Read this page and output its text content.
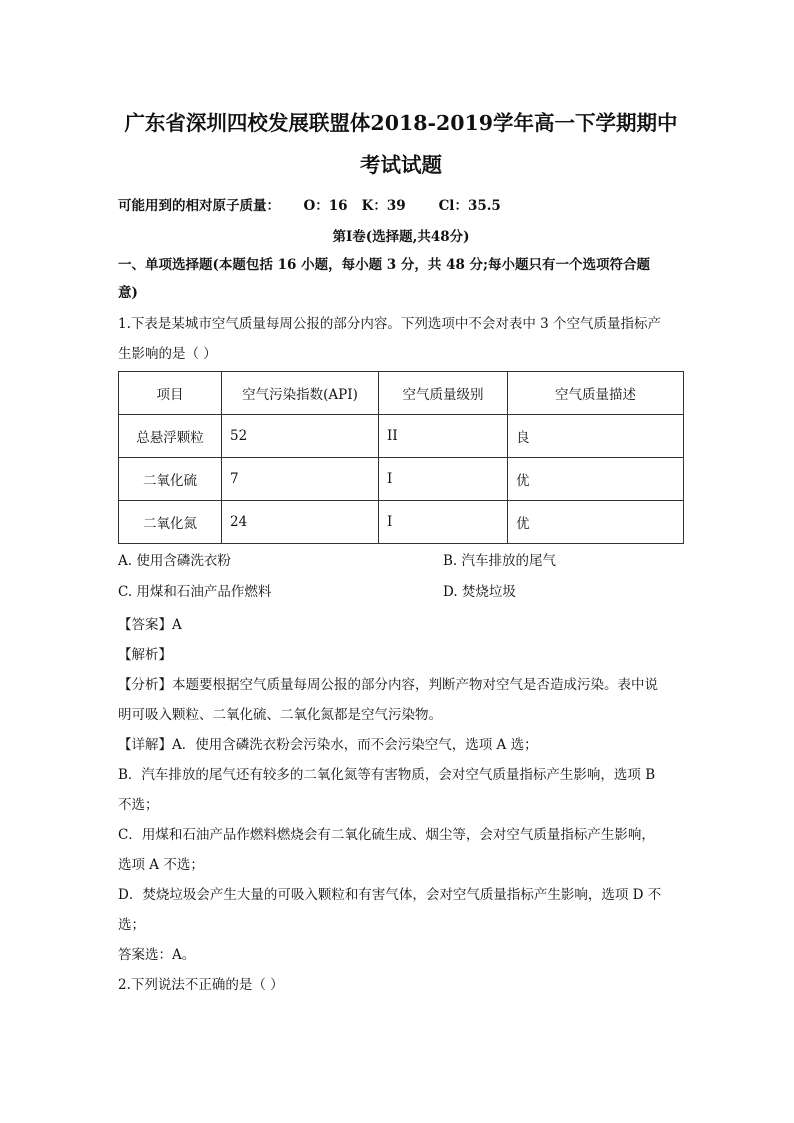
广东省深圳四校发展联盟体2018-2019学年高一下学期期中
考试试题
可能用到的相对原子质量：     O：16   K：39       Cl：35.5
第I卷(选择题,共48分)
一、单项选择题(本题包括 16 小题，每小题 3 分，共 48 分;每小题只有一个选项符合题
意)
1.下表是某城市空气质量每周公报的部分内容。下列选项中不会对表中 3 个空气质量指标产
生影响的是（ ）
项目	空气污染指数(API)	空气质量级别	空气质量描述
总悬浮颗粒	52	II	良
二氧化硫	7	I	优
二氧化氮	24	I	优
A. 使用含磷洗衣粉	B. 汽车排放的尾气
C. 用煤和石油产品作燃料	D. 焚烧垃圾
【答案】A
【解析】
【分析】本题要根据空气质量每周公报的部分内容，判断产物对空气是否造成污染。表中说
明可吸入颗粒、二氧化硫、二氧化氮都是空气污染物。
【详解】A．使用含磷洗衣粉会污染水，而不会污染空气，选项 A 选；
B．汽车排放的尾气还有较多的二氧化氮等有害物质，会对空气质量指标产生影响，选项 B
不选；
C．用煤和石油产品作燃料燃烧会有二氧化硫生成、烟尘等，会对空气质量指标产生影响，
选项 A 不选；
D．焚烧垃圾会产生大量的可吸入颗粒和有害气体，会对空气质量指标产生影响，选项 D 不
选；
答案选：A。
2.下列说法不正确的是（ ）
